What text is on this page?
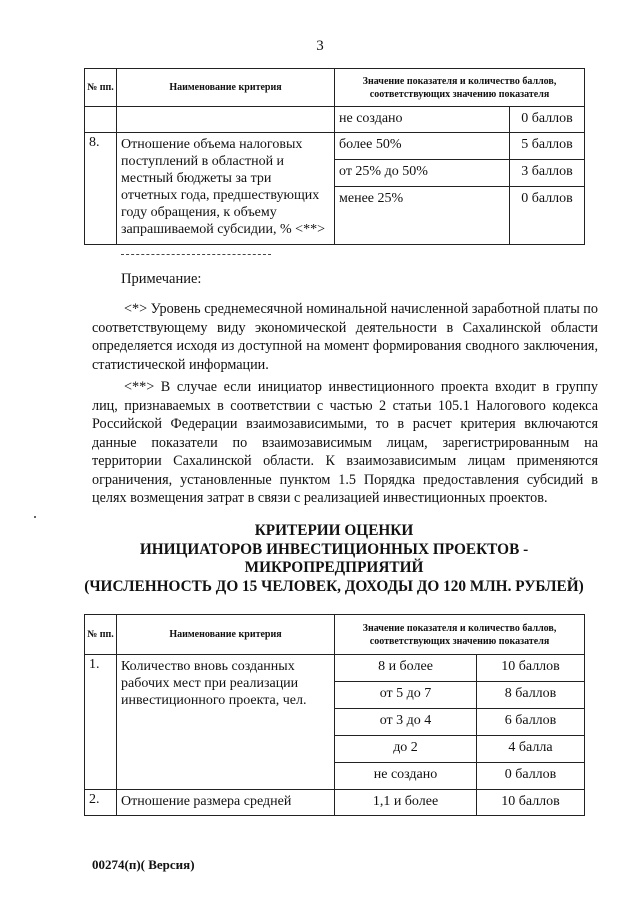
3
№ пп.	Наименование критерия	Значение показателя и количество баллов, соответствующих значению показателя	
		не создано	0 баллов
8.	Отношение объема налоговых поступлений в областной и местный бюджеты за три отчетных года, предшествующих году обращения, к объему запрашиваемой субсидии, % <**>	более 50%	5 баллов
		от 25% до 50%	3 баллов
		менее 25%	0 баллов
Примечание:
<*> Уровень среднемесячной номинальной начисленной заработной платы по соответствующему виду экономической деятельности в Сахалинской области определяется исходя из доступной на момент формирования сводного заключения, статистической информации.
<**> В случае если инициатор инвестиционного проекта входит в группу лиц, признаваемых в соответствии с частью 2 статьи 105.1 Налогового кодекса Российской Федерации взаимозависимыми, то в расчет критерия включаются данные показатели по взаимозависимым лицам, зарегистрированным на территории Сахалинской области. К взаимозависимым лицам применяются ограничения, установленные пунктом 1.5 Порядка предоставления субсидий в целях возмещения затрат в связи с реализацией инвестиционных проектов.
КРИТЕРИИ ОЦЕНКИ
ИНИЦИАТОРОВ ИНВЕСТИЦИОННЫХ ПРОЕКТОВ -
МИКРОПРЕДПРИЯТИЙ
(ЧИСЛЕННОСТЬ ДО 15 ЧЕЛОВЕК, ДОХОДЫ ДО 120 МЛН. РУБЛЕЙ)
№ пп.	Наименование критерия	Значение показателя и количество баллов, соответствующих значению показателя	
1.	Количество вновь созданных рабочих мест при реализации инвестиционного проекта, чел.	8 и более	10 баллов
		от 5 до 7	8 баллов
		от 3 до 4	6 баллов
		до 2	4 балла
		не создано	0 баллов
2.	Отношение размера средней	1,1 и более	10 баллов
00274(п)( Версия)
